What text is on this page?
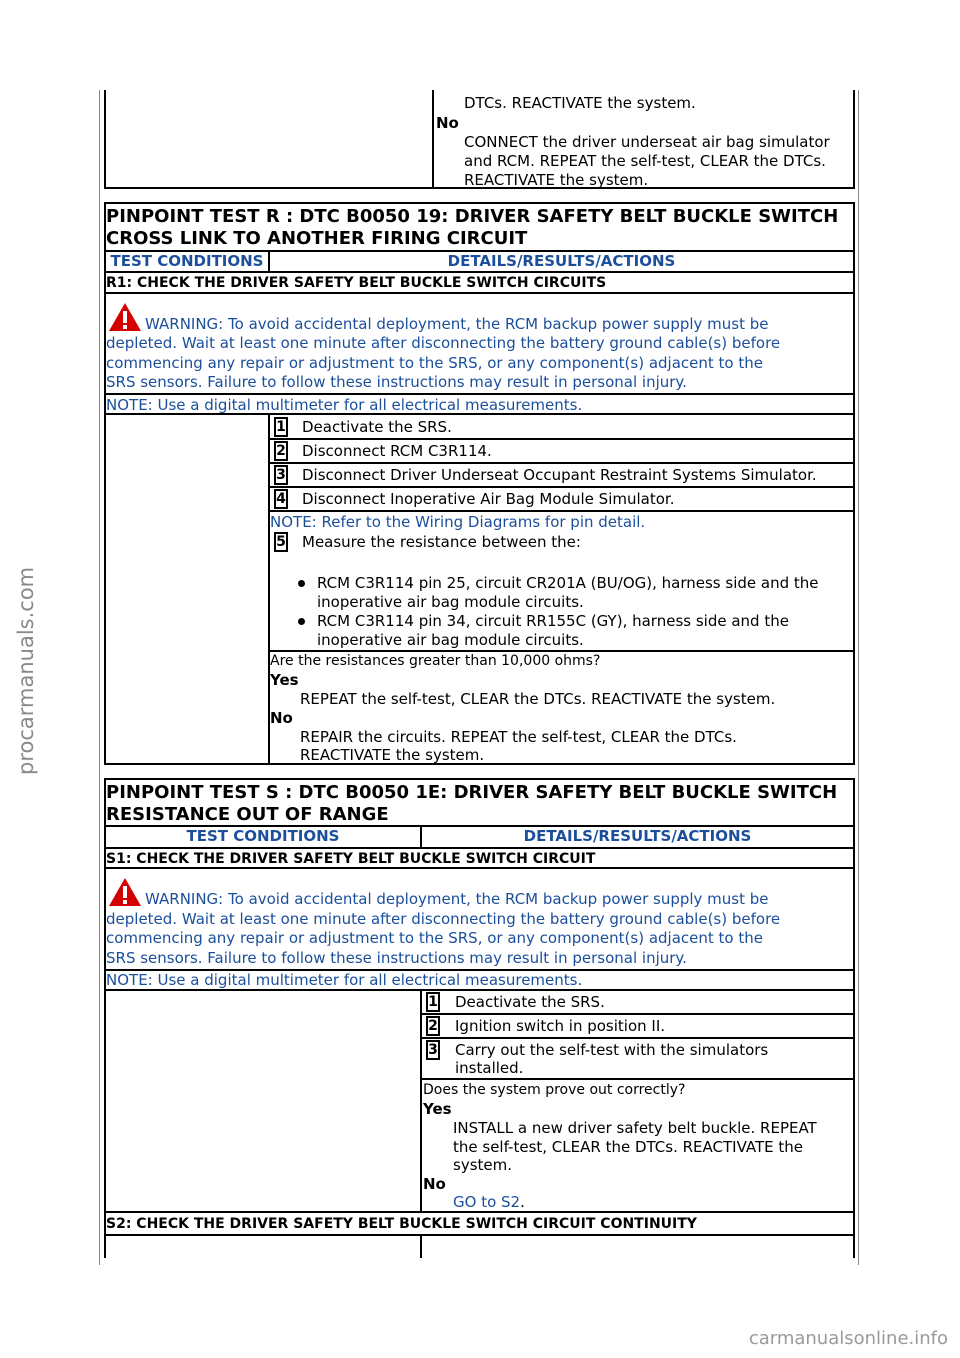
procarmanuals.com
carmanualsonline.info
DTCs. REACTIVATE the system.
No
CONNECT the driver underseat air bag simulator
and RCM. REPEAT the self-test, CLEAR the DTCs.
REACTIVATE the system.
PINPOINT TEST R : DTC B0050 19: DRIVER SAFETY BELT BUCKLE SWITCH
CROSS LINK TO ANOTHER FIRING CIRCUIT
TEST CONDITIONS	DETAILS/RESULTS/ACTIONS
R1: CHECK THE DRIVER SAFETY BELT BUCKLE SWITCH CIRCUITS
WARNING: To avoid accidental deployment, the RCM backup power supply must be
depleted. Wait at least one minute after disconnecting the battery ground cable(s) before
commencing any repair or adjustment to the SRS, or any component(s) adjacent to the
SRS sensors. Failure to follow these instructions may result in personal injury.
NOTE: Use a digital multimeter for all electrical measurements.
1 Deactivate the SRS.
2 Disconnect RCM C3R114.
3 Disconnect Driver Underseat Occupant Restraint Systems Simulator.
4 Disconnect Inoperative Air Bag Module Simulator.
NOTE: Refer to the Wiring Diagrams for pin detail.
5 Measure the resistance between the:
RCM C3R114 pin 25, circuit CR201A (BU/OG), harness side and the
inoperative air bag module circuits.
RCM C3R114 pin 34, circuit RR155C (GY), harness side and the
inoperative air bag module circuits.
Are the resistances greater than 10,000 ohms?
Yes
REPEAT the self-test, CLEAR the DTCs. REACTIVATE the system.
No
REPAIR the circuits. REPEAT the self-test, CLEAR the DTCs.
REACTIVATE the system.
PINPOINT TEST S : DTC B0050 1E: DRIVER SAFETY BELT BUCKLE SWITCH
RESISTANCE OUT OF RANGE
TEST CONDITIONS	DETAILS/RESULTS/ACTIONS
S1: CHECK THE DRIVER SAFETY BELT BUCKLE SWITCH CIRCUIT
WARNING: To avoid accidental deployment, the RCM backup power supply must be
depleted. Wait at least one minute after disconnecting the battery ground cable(s) before
commencing any repair or adjustment to the SRS, or any component(s) adjacent to the
SRS sensors. Failure to follow these instructions may result in personal injury.
NOTE: Use a digital multimeter for all electrical measurements.
1 Deactivate the SRS.
2 Ignition switch in position II.
3 Carry out the self-test with the simulators
installed.
Does the system prove out correctly?
Yes
INSTALL a new driver safety belt buckle. REPEAT
the self-test, CLEAR the DTCs. REACTIVATE the
system.
No
GO to S2.
S2: CHECK THE DRIVER SAFETY BELT BUCKLE SWITCH CIRCUIT CONTINUITY
